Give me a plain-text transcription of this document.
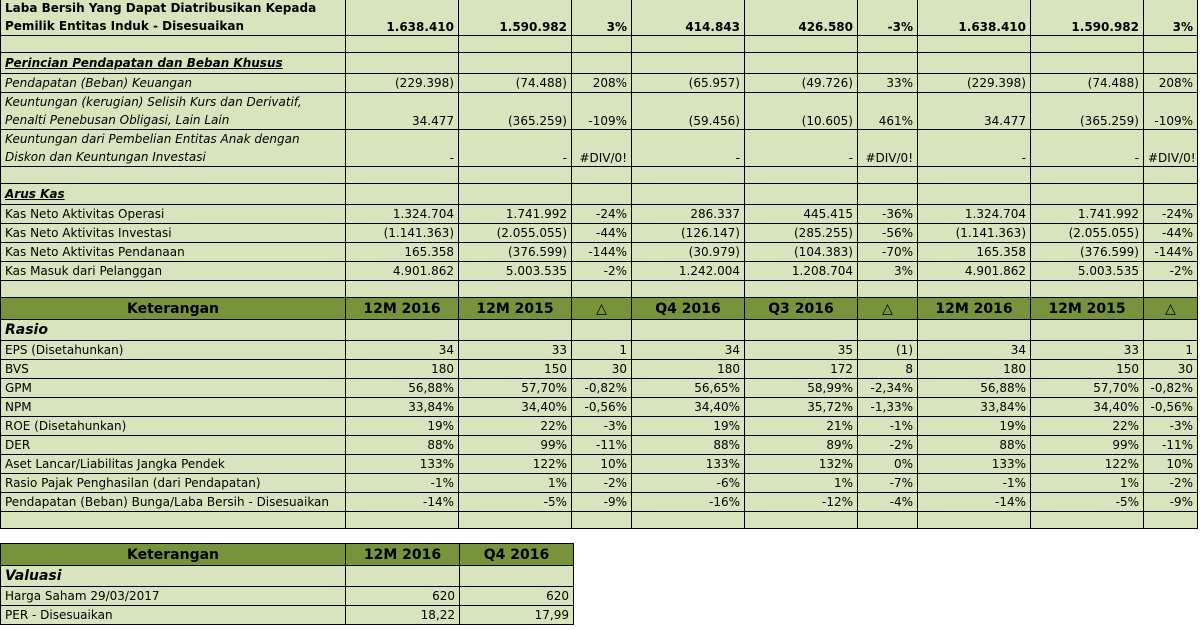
Laba Bersih Yang Dapat Diatribusikan Kepada Pemilik Entitas Induk - Disesuaikan	1.638.410	1.590.982	3%	414.843	426.580	-3%	1.638.410	1.590.982	3%

Perincian Pendapatan dan Beban Khusus									
Pendapatan (Beban) Keuangan	(229.398)	(74.488)	208%	(65.957)	(49.726)	33%	(229.398)	(74.488)	208%
Keuntungan (kerugian) Selisih Kurs dan Derivatif, Penalti Penebusan Obligasi, Lain Lain	34.477	(365.259)	-109%	(59.456)	(10.605)	461%	34.477	(365.259)	-109%
Keuntungan dari Pembelian Entitas Anak dengan Diskon dan Keuntungan Investasi	-	-	#DIV/0!	-	-	#DIV/0!	-	-	#DIV/0!

Arus Kas									
Kas Neto Aktivitas Operasi	1.324.704	1.741.992	-24%	286.337	445.415	-36%	1.324.704	1.741.992	-24%
Kas Neto Aktivitas Investasi	(1.141.363)	(2.055.055)	-44%	(126.147)	(285.255)	-56%	(1.141.363)	(2.055.055)	-44%
Kas Neto Aktivitas Pendanaan	165.358	(376.599)	-144%	(30.979)	(104.383)	-70%	165.358	(376.599)	-144%
Kas Masuk dari Pelanggan	4.901.862	5.003.535	-2%	1.242.004	1.208.704	3%	4.901.862	5.003.535	-2%

Keterangan	12M 2016	12M 2015	△	Q4 2016	Q3 2016	△	12M 2016	12M 2015	△
Rasio									
EPS (Disetahunkan)	34	33	1	34	35	(1)	34	33	1
BVS	180	150	30	180	172	8	180	150	30
GPM	56,88%	57,70%	-0,82%	56,65%	58,99%	-2,34%	56,88%	57,70%	-0,82%
NPM	33,84%	34,40%	-0,56%	34,40%	35,72%	-1,33%	33,84%	34,40%	-0,56%
ROE (Disetahunkan)	19%	22%	-3%	19%	21%	-1%	19%	22%	-3%
DER	88%	99%	-11%	88%	89%	-2%	88%	99%	-11%
Aset Lancar/Liabilitas Jangka Pendek	133%	122%	10%	133%	132%	0%	133%	122%	10%
Rasio Pajak Penghasilan (dari Pendapatan)	-1%	1%	-2%	-6%	1%	-7%	-1%	1%	-2%
Pendapatan (Beban) Bunga/Laba Bersih - Disesuaikan	-14%	-5%	-9%	-16%	-12%	-4%	-14%	-5%	-9%

Keterangan	12M 2016	Q4 2016
Valuasi		
Harga Saham 29/03/2017	620	620
PER - Disesuaikan	18,22	17,99
